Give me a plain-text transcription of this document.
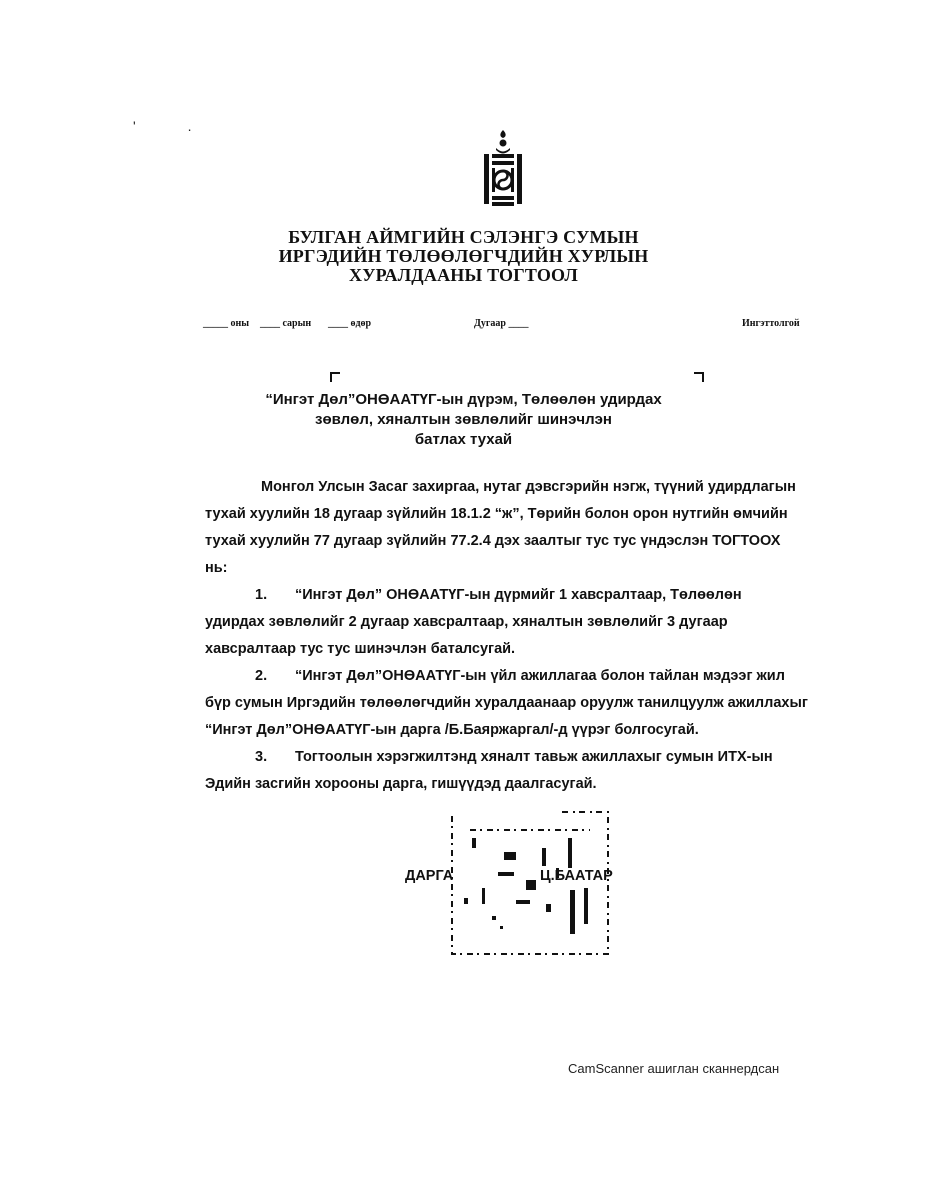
' .
БУЛГАН АЙМГИЙН СЭЛЭНГЭ СУМЫН
ИРГЭДИЙН ТӨЛӨӨЛӨГЧДИЙН ХУРЛЫН
ХУРАЛДААНЫ ТОГТООЛ
_____ оны ____ сарын ____ өдөр	Дугаар ____	Ингэттолгой
“Ингэт Дөл”ОНӨААТҮГ-ын дүрэм, Төлөөлөн удирдах
зөвлөл, хяналтын зөвлөлийг шинэчлэн
батлах тухай
Монгол Улсын Засаг захиргаа, нутаг дэвсгэрийн нэгж, түүний удирдлагын
тухай хуулийн 18 дугаар зүйлийн 18.1.2 “ж”, Төрийн болон орон нутгийн өмчийн
тухай хуулийн 77 дугаар зүйлийн 77.2.4 дэх заалтыг тус тус үндэслэн ТОГТООХ
нь:
1. “Ингэт Дөл” ОНӨААТҮГ-ын дүрмийг 1 хавсралтаар, Төлөөлөн
удирдах зөвлөлийг 2 дугаар хавсралтаар, хяналтын зөвлөлийг 3 дугаар
хавсралтаар тус тус шинэчлэн баталсугай.
2. “Ингэт Дөл”ОНӨААТҮГ-ын үйл ажиллагаа болон тайлан мэдээг жил
бүр сумын Иргэдийн төлөөлөгчдийн хуралдаанаар оруулж танилцуулж ажиллахыг
“Ингэт Дөл”ОНӨААТҮГ-ын дарга /Б.Баяржаргал/-д үүрэг болгосугай.
3. Тогтоолын хэрэгжилтэнд хяналт тавьж ажиллахыг сумын ИТХ-ын
Эдийн засгийн хорооны дарга, гишүүдэд даалгасугай.
ДАРГА	Ц.БААТАР
CamScanner ашиглан сканнердсан
